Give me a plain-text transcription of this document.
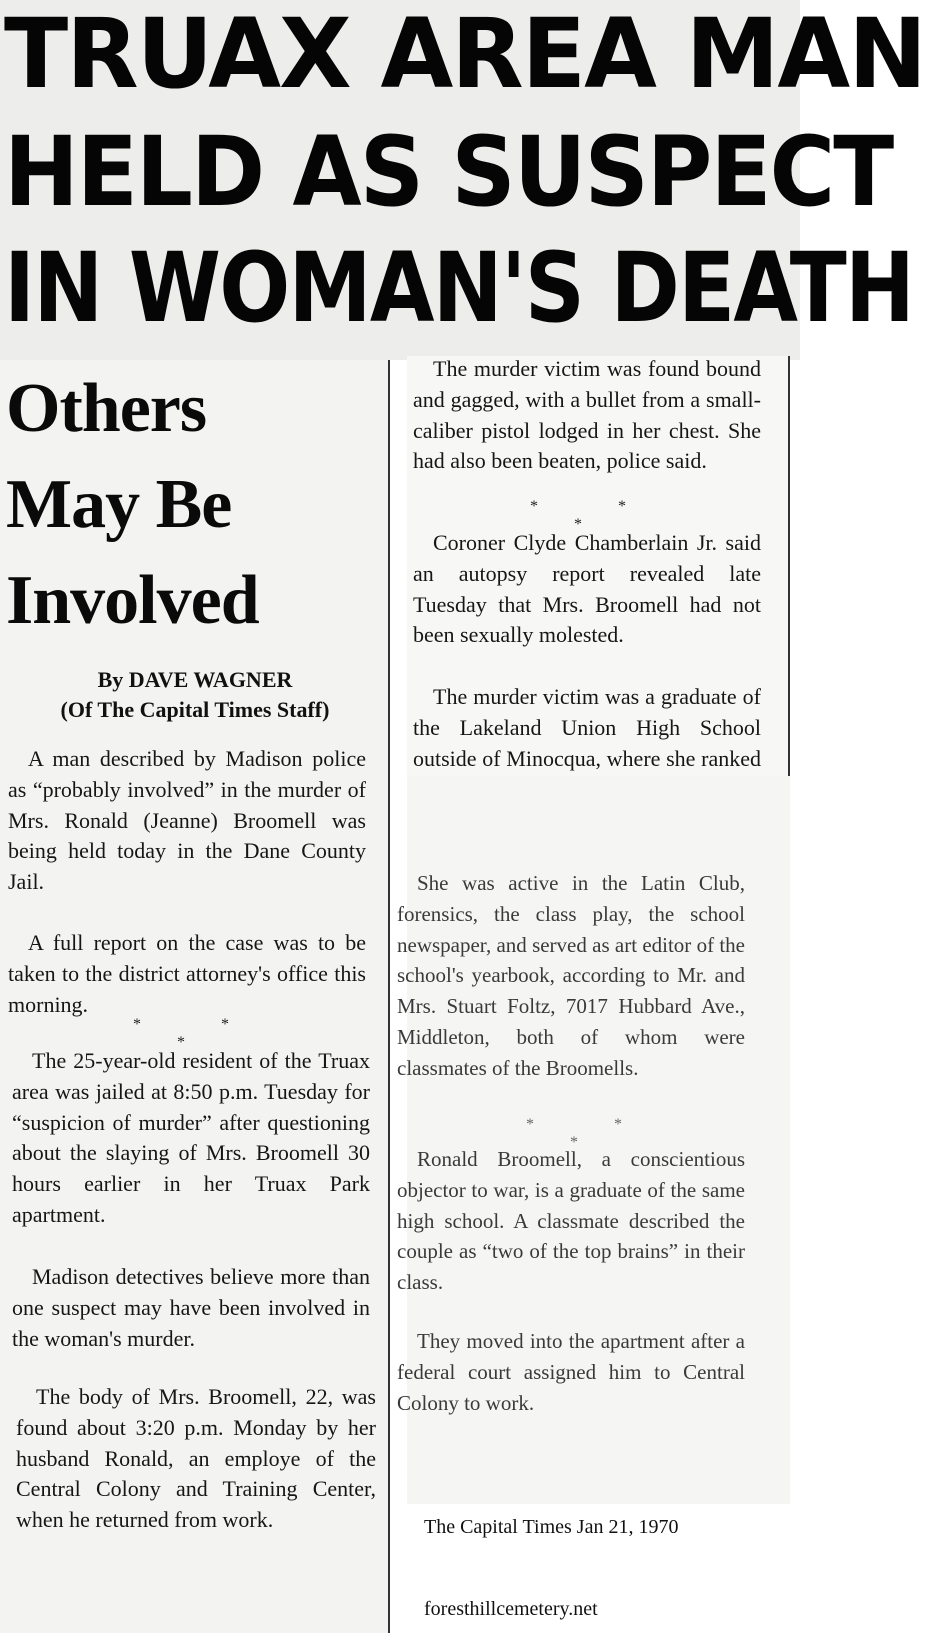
TRUAX AREA MAN
HELD AS SUSPECT
IN WOMAN'S DEATH
Others
May Be
Involved
By DAVE WAGNER
(Of The Capital Times Staff)

A man described by Madison police as “probably involved” in the murder of Mrs. Ronald (Jeanne) Broomell was being held today in the Dane County Jail.

A full report on the case was to be taken to the district attorney's office this morning.

* * *

The 25-year-old resident of the Truax area was jailed at 8:50 p.m. Tuesday for “suspicion of murder” after questioning about the slaying of Mrs. Broomell 30 hours earlier in her Truax Park apartment.

Madison detectives believe more than one suspect may have been involved in the woman's murder.

The body of Mrs. Broomell, 22, was found about 3:20 p.m. Monday by her husband Ronald, an employe of the Central Colony and Training Center, when he returned from work.

The murder victim was found bound and gagged, with a bullet from a small-caliber pistol lodged in her chest. She had also been beaten, police said.

* * *

Coroner Clyde Chamberlain Jr. said an autopsy report revealed late Tuesday that Mrs. Broomell had not been sexually molested.

The murder victim was a graduate of the Lakeland Union High School outside of Minocqua, where she ranked

She was active in the Latin Club, forensics, the class play, the school newspaper, and served as art editor of the school's yearbook, according to Mr. and Mrs. Stuart Foltz, 7017 Hubbard Ave., Middleton, both of whom were classmates of the Broomells.

* * *

Ronald Broomell, a conscientious objector to war, is a graduate of the same high school. A classmate described the couple as “two of the top brains” in their class.

They moved into the apartment after a federal court assigned him to Central Colony to work.

The Capital Times Jan 21, 1970
foresthillcemetery.net
